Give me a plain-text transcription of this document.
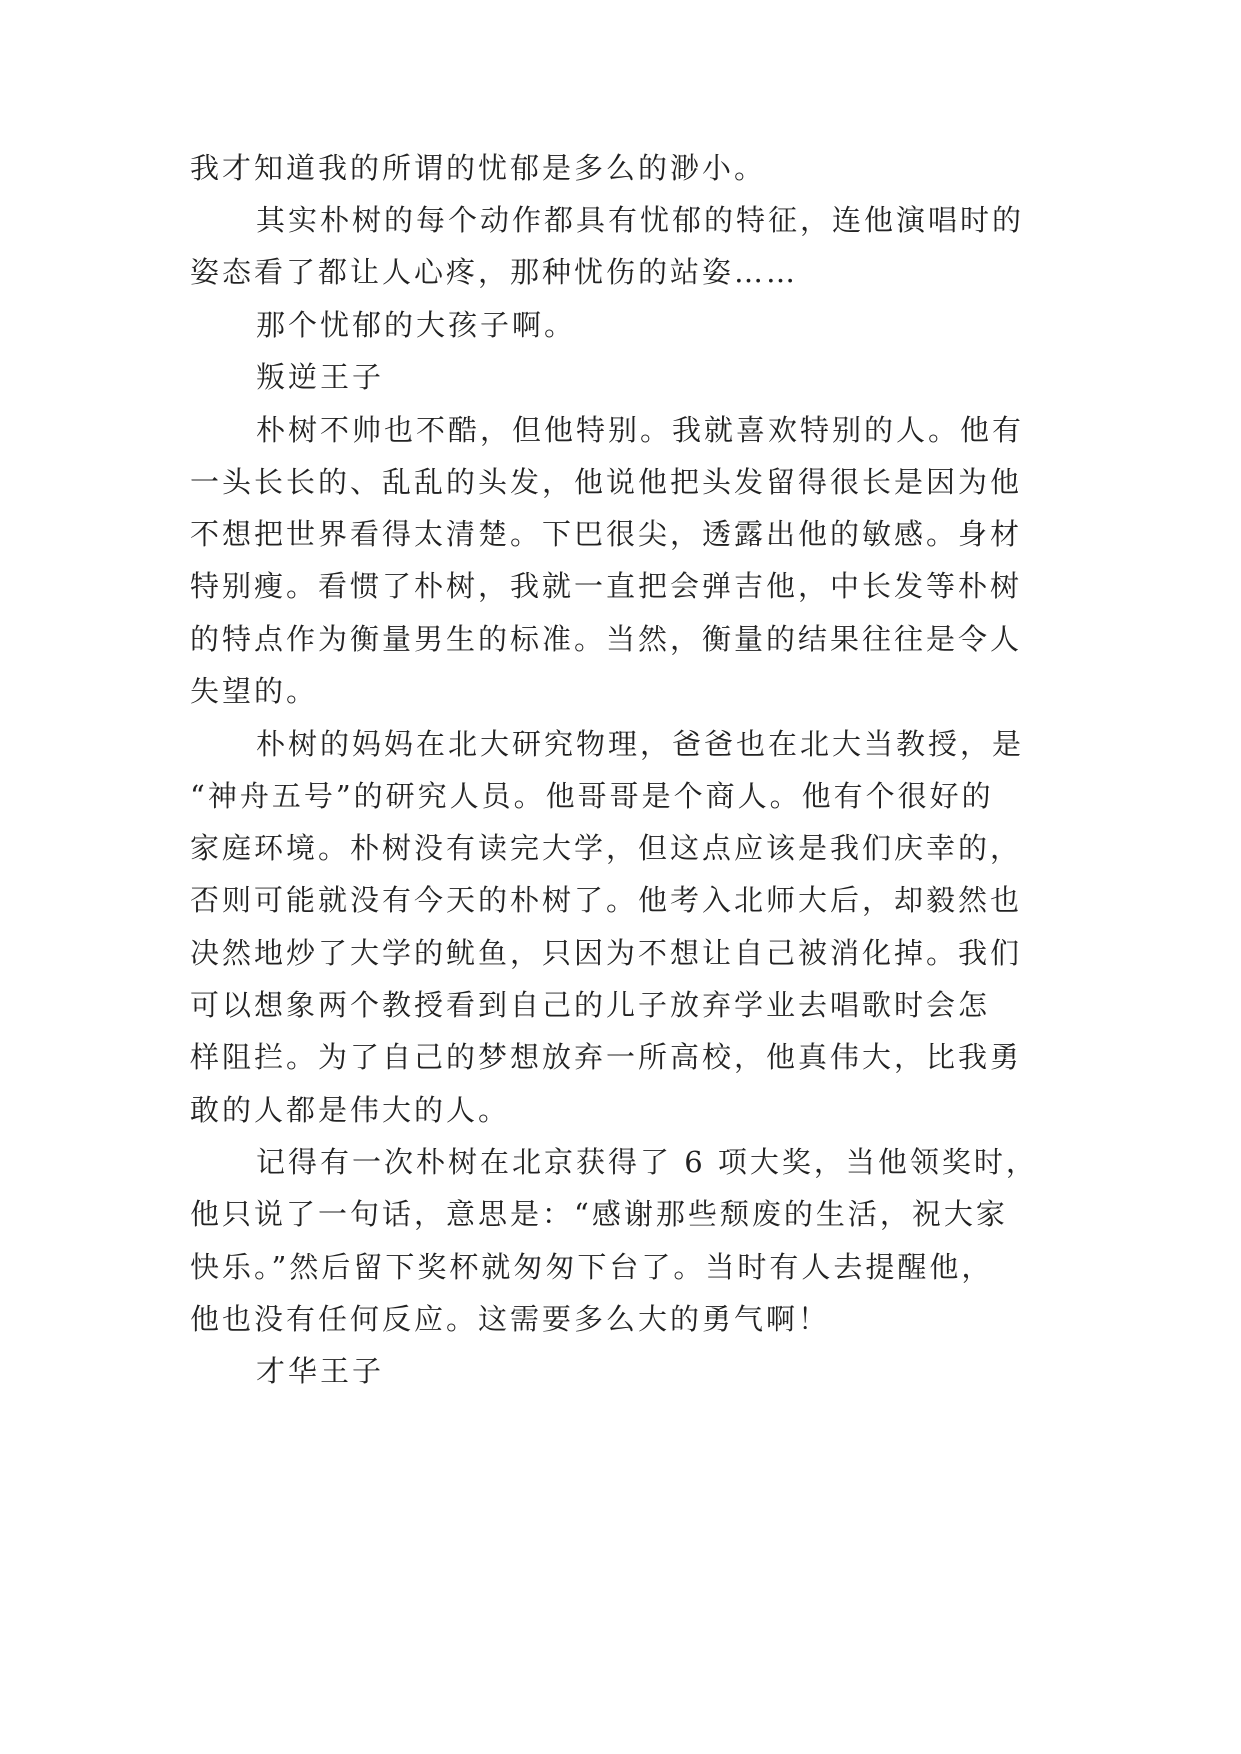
我才知道我的所谓的忧郁是多么的渺小。

其实朴树的每个动作都具有忧郁的特征，连他演唱时的

姿态看了都让人心疼，那种忧伤的站姿……

那个忧郁的大孩子啊。

叛逆王子

朴树不帅也不酷，但他特别。我就喜欢特别的人。他有

一头长长的、乱乱的头发，他说他把头发留得很长是因为他

不想把世界看得太清楚。下巴很尖，透露出他的敏感。身材

特别瘦。看惯了朴树，我就一直把会弹吉他，中长发等朴树

的特点作为衡量男生的标准。当然，衡量的结果往往是令人

失望的。

朴树的妈妈在北大研究物理，爸爸也在北大当教授，是

“神舟五号”的研究人员。他哥哥是个商人。他有个很好的

家庭环境。朴树没有读完大学，但这点应该是我们庆幸的，

否则可能就没有今天的朴树了。他考入北师大后，却毅然也

决然地炒了大学的鱿鱼，只因为不想让自己被消化掉。我们

可以想象两个教授看到自己的儿子放弃学业去唱歌时会怎

样阻拦。为了自己的梦想放弃一所高校，他真伟大，比我勇

敢的人都是伟大的人。

记得有一次朴树在北京获得了 6 项大奖，当他领奖时，

他只说了一句话，意思是：“感谢那些颓废的生活，祝大家

快乐。”然后留下奖杯就匆匆下台了。当时有人去提醒他，

他也没有任何反应。这需要多么大的勇气啊！

才华王子
